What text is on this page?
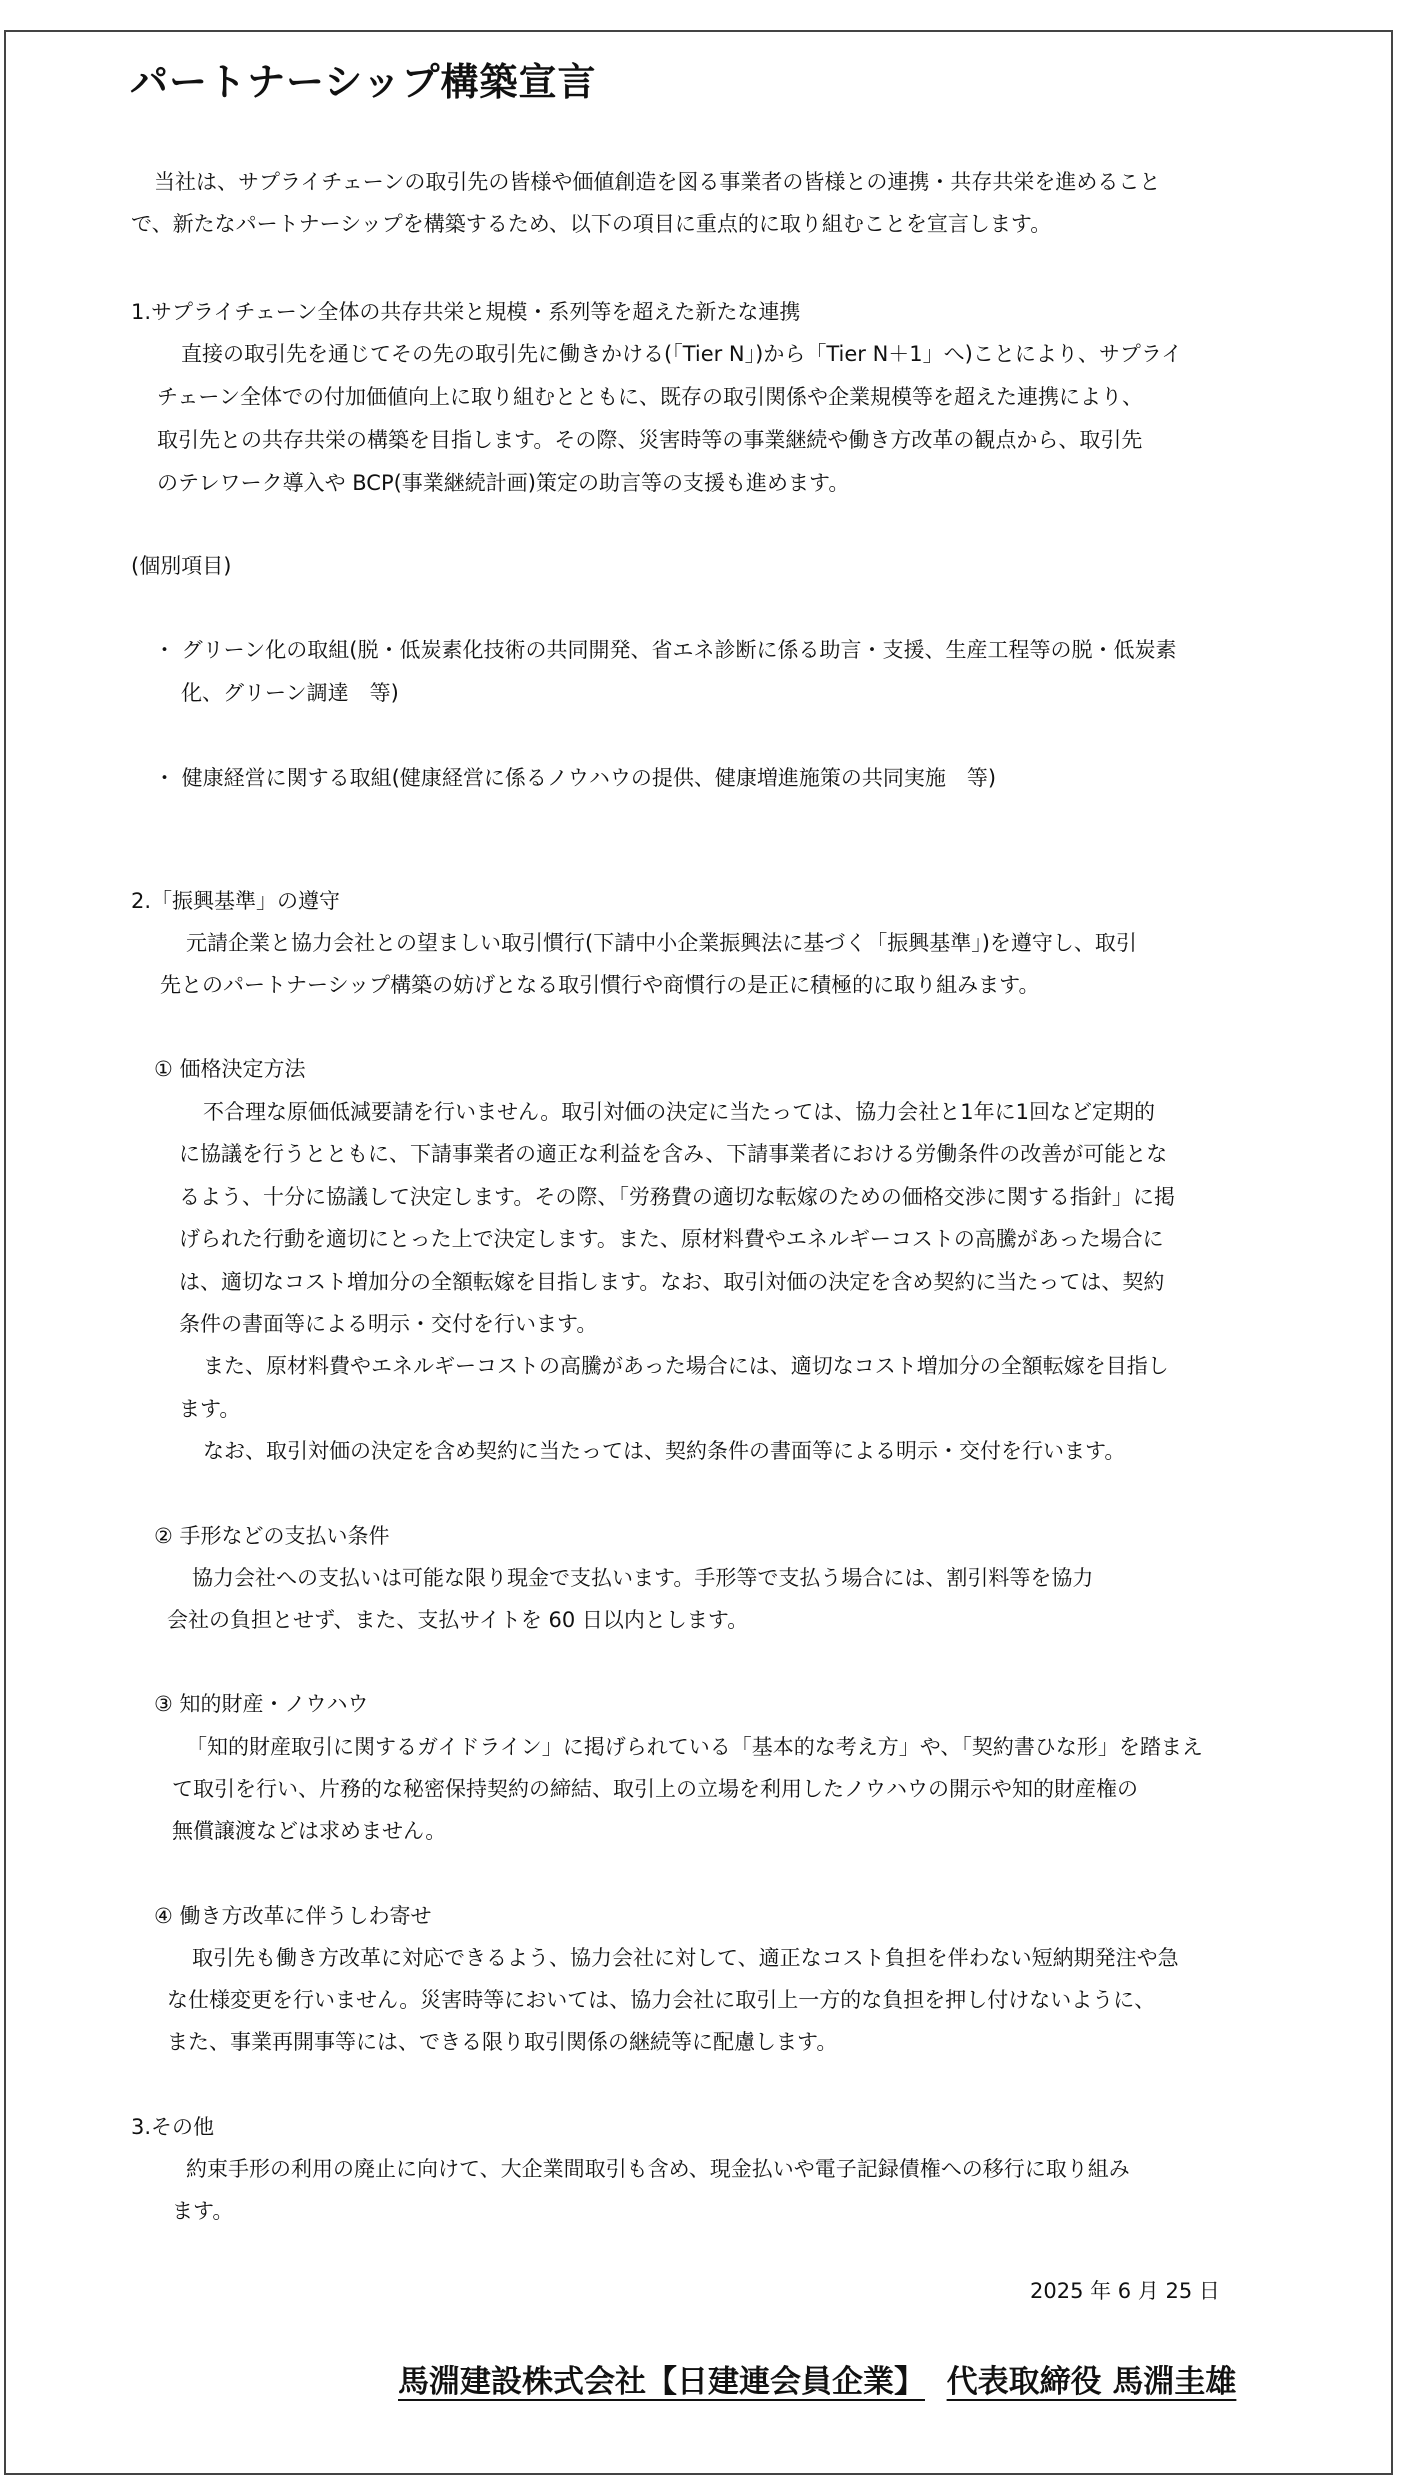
パートナーシップ構築宣言
当社は、サプライチェーンの取引先の皆様や価値創造を図る事業者の皆様との連携・共存共栄を進めること
で、新たなパートナーシップを構築するため、以下の項目に重点的に取り組むことを宣言します。
1.サプライチェーン全体の共存共栄と規模・系列等を超えた新たな連携
直接の取引先を通じてその先の取引先に働きかける(「Tier N」)から「Tier N＋1」へ)ことにより、サプライ
チェーン全体での付加価値向上に取り組むとともに、既存の取引関係や企業規模等を超えた連携により、
取引先との共存共栄の構築を目指します。その際、災害時等の事業継続や働き方改革の観点から、取引先
のテレワーク導入や BCP(事業継続計画)策定の助言等の支援も進めます。
(個別項目)
・ グリーン化の取組(脱・低炭素化技術の共同開発、省エネ診断に係る助言・支援、生産工程等の脱・低炭素
化、グリーン調達　等)
・ 健康経営に関する取組(健康経営に係るノウハウの提供、健康増進施策の共同実施　等)
2.「振興基準」の遵守
元請企業と協力会社との望ましい取引慣行(下請中小企業振興法に基づく「振興基準」)を遵守し、取引
先とのパートナーシップ構築の妨げとなる取引慣行や商慣行の是正に積極的に取り組みます。
① 価格決定方法
不合理な原価低減要請を行いません。取引対価の決定に当たっては、協力会社と1年に1回など定期的
に協議を行うとともに、下請事業者の適正な利益を含み、下請事業者における労働条件の改善が可能とな
るよう、十分に協議して決定します。その際、「労務費の適切な転嫁のための価格交渉に関する指針」に掲
げられた行動を適切にとった上で決定します。また、原材料費やエネルギーコストの高騰があった場合に
は、適切なコスト増加分の全額転嫁を目指します。なお、取引対価の決定を含め契約に当たっては、契約
条件の書面等による明示・交付を行います。
また、原材料費やエネルギーコストの高騰があった場合には、適切なコスト増加分の全額転嫁を目指し
ます。
なお、取引対価の決定を含め契約に当たっては、契約条件の書面等による明示・交付を行います。
② 手形などの支払い条件
協力会社への支払いは可能な限り現金で支払います。手形等で支払う場合には、割引料等を協力
会社の負担とせず、また、支払サイトを 60 日以内とします。
③ 知的財産・ノウハウ
「知的財産取引に関するガイドライン」に掲げられている「基本的な考え方」や、「契約書ひな形」を踏まえ
て取引を行い、片務的な秘密保持契約の締結、取引上の立場を利用したノウハウの開示や知的財産権の
無償譲渡などは求めません。
④ 働き方改革に伴うしわ寄せ
取引先も働き方改革に対応できるよう、協力会社に対して、適正なコスト負担を伴わない短納期発注や急
な仕様変更を行いません。災害時等においては、協力会社に取引上一方的な負担を押し付けないように、
また、事業再開事等には、できる限り取引関係の継続等に配慮します。
3.その他
約束手形の利用の廃止に向けて、大企業間取引も含め、現金払いや電子記録債権への移行に取り組み
ます。
2025 年 6 月 25 日
馬淵建設株式会社【日建連会員企業】 代表取締役 馬淵圭雄
